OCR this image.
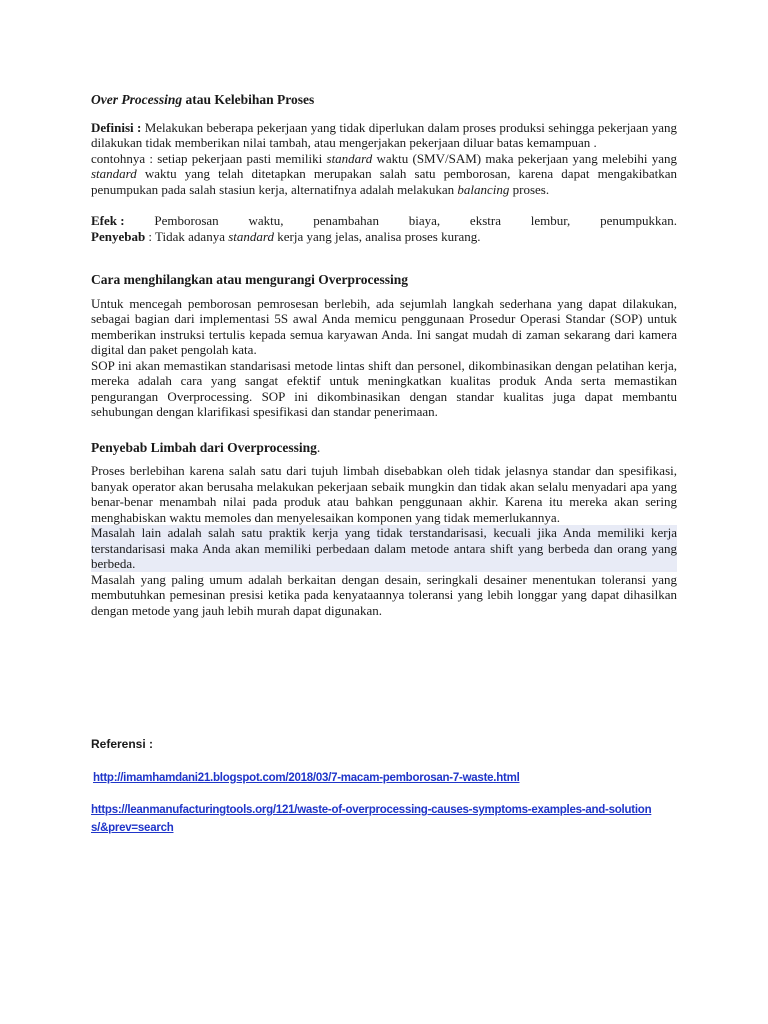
Over Processing atau Kelebihan Proses

Definisi : Melakukan beberapa pekerjaan yang tidak diperlukan dalam proses produksi sehingga pekerjaan yang dilakukan tidak memberikan nilai tambah, atau mengerjakan pekerjaan diluar batas kemampuan .

contohnya : setiap pekerjaan pasti memiliki standard waktu (SMV/SAM) maka pekerjaan yang melebihi yang standard waktu yang telah ditetapkan merupakan salah satu pemborosan, karena dapat mengakibatkan penumpukan pada salah stasiun kerja, alternatifnya adalah melakukan balancing proses.

Efek : Pemborosan waktu, penambahan biaya, ekstra lembur, penumpukkan.

Penyebab : Tidak adanya standard kerja yang jelas, analisa proses kurang.

Cara menghilangkan atau mengurangi Overprocessing

Untuk mencegah pemborosan pemrosesan berlebih, ada sejumlah langkah sederhana yang dapat dilakukan, sebagai bagian dari implementasi 5S awal Anda memicu penggunaan Prosedur Operasi Standar (SOP) untuk memberikan instruksi tertulis kepada semua karyawan Anda. Ini sangat mudah di zaman sekarang dari kamera digital dan paket pengolah kata.

SOP ini akan memastikan standarisasi metode lintas shift dan personel, dikombinasikan dengan pelatihan kerja, mereka adalah cara yang sangat efektif untuk meningkatkan kualitas produk Anda serta memastikan pengurangan Overprocessing. SOP ini dikombinasikan dengan standar kualitas juga dapat membantu sehubungan dengan klarifikasi spesifikasi dan standar penerimaan.

Penyebab Limbah dari Overprocessing.

Proses berlebihan karena salah satu dari tujuh limbah disebabkan oleh tidak jelasnya standar dan spesifikasi, banyak operator akan berusaha melakukan pekerjaan sebaik mungkin dan tidak akan selalu menyadari apa yang benar-benar menambah nilai pada produk atau bahkan penggunaan akhir. Karena itu mereka akan sering menghabiskan waktu memoles dan menyelesaikan komponen yang tidak memerlukannya.

Masalah lain adalah salah satu praktik kerja yang tidak terstandarisasi, kecuali jika Anda memiliki kerja terstandarisasi maka Anda akan memiliki perbedaan dalam metode antara shift yang berbeda dan orang yang berbeda.

Masalah yang paling umum adalah berkaitan dengan desain, seringkali desainer menentukan toleransi yang membutuhkan pemesinan presisi ketika pada kenyataannya toleransi yang lebih longgar yang dapat dihasilkan dengan metode yang jauh lebih murah dapat digunakan.

Referensi :

http://imamhamdani21.blogspot.com/2018/03/7-macam-pemborosan-7-waste.html
https://leanmanufacturingtools.org/121/waste-of-overprocessing-causes-symptoms-examples-and-solutions/&prev=search
